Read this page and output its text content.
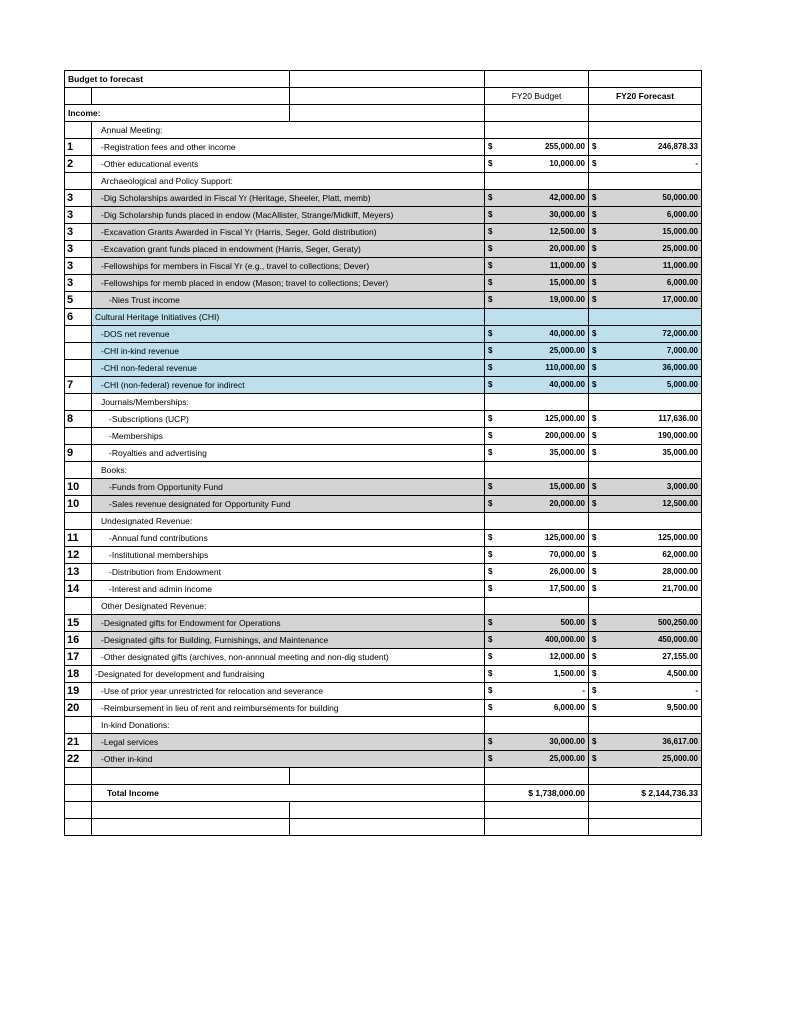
Budget to forecast				
			FY20 Budget	FY20 Forecast
Income:				
	Annual Meeting:			
1	-Registration fees and other income		$ 255,000.00	$ 246,878.33

2	-Other educational events		$ 10,000.00	$ -

	Archaeological and Policy Support:			
3	-Dig Scholarships awarded in Fiscal Yr (Heritage, Sheeler, Platt, memb)		$ 42,000.00	$ 50,000.00

3	-Dig Scholarship funds placed in endow (MacAllister, Strange/Midkiff, Meyers)		$ 30,000.00	$ 6,000.00

3	-Excavation Grants Awarded in Fiscal Yr (Harris, Seger, Gold distribution)		$ 12,500.00	$ 15,000.00

3	-Excavation grant funds placed in endowment (Harris, Seger, Geraty)		$ 20,000.00	$ 25,000.00

3	-Fellowships for members in Fiscal Yr (e.g., travel to collections; Dever)		$ 11,000.00	$ 11,000.00

3	-Fellowships for memb placed in endow (Mason; travel to collections; Dever)		$ 15,000.00	$ 6,000.00

5	-Nies Trust income		$ 19,000.00	$ 17,000.00

6	Cultural Heritage Initiatives (CHI)			
	-DOS net revenue		$ 40,000.00	$ 72,000.00

	-CHI in-kind revenue		$ 25,000.00	$ 7,000.00

	-CHI non-federal revenue		$ 110,000.00	$ 36,000.00

7	-CHI (non-federal) revenue for indirect		$ 40,000.00	$ 5,000.00

	Journals/Memberships:			
8	-Subscriptions (UCP)		$ 125,000.00	$ 117,636.00

	-Memberships		$ 200,000.00	$ 190,000.00

9	-Royalties and advertising		$ 35,000.00	$ 35,000.00

	Books:			
10	-Funds from Opportunity Fund		$ 15,000.00	$ 3,000.00

10	-Sales revenue designated for Opportunity Fund		$ 20,000.00	$ 12,500.00

	Undesignated Revenue:			
11	-Annual fund contributions		$ 125,000.00	$ 125,000.00

12	-Institutional memberships		$ 70,000.00	$ 62,000.00

13	-Distribution from Endowment		$ 26,000.00	$ 28,000.00

14	-Interest and admin income		$ 17,500.00	$ 21,700.00

	Other Designated Revenue:			
15	-Designated gifts for Endowment for Operations		$ 500.00	$ 500,250.00

16	-Designated gifts for Building, Furnishings, and Maintenance		$ 400,000.00	$ 450,000.00

17	-Other designated gifts (archives, non-annnual meeting and non-dig student)		$ 12,000.00	$ 27,155.00

18	-Designated for development and fundraising		$ 1,500.00	$ 4,500.00

19	-Use of prior year unrestricted for relocation and severance		$ -	$ -

20	-Reimbursement in lieu of rent and reimbursements for building		$ 6,000.00	$ 9,500.00

	In-kind Donations:			
21	-Legal services		$ 30,000.00	$ 36,617.00

22	-Other in-kind		$ 25,000.00	$ 25,000.00

	Total Income		$ 1,738,000.00	$ 2,144,736.33
